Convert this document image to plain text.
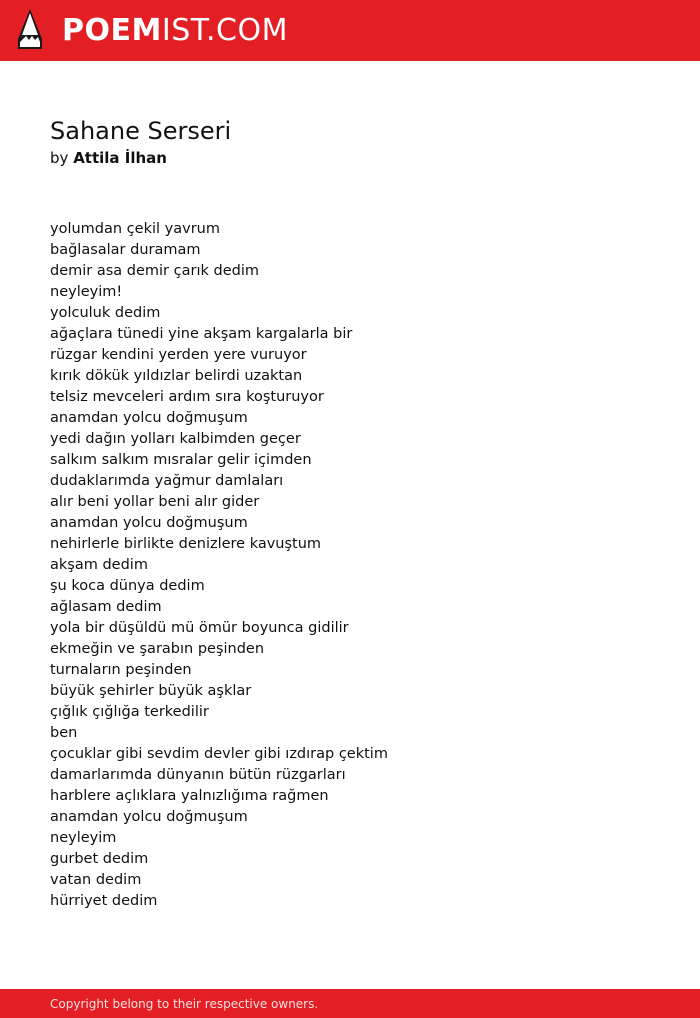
POEMIST.COM
Sahane Serseri
by Attila İlhan
yolumdan çekil yavrum
bağlasalar duramam
demir asa demir çarık dedim
neyleyim!
yolculuk dedim
ağaçlara tünedi yine akşam kargalarla bir
rüzgar kendini yerden yere vuruyor
kırık dökük yıldızlar belirdi uzaktan
telsiz mevceleri ardım sıra koşturuyor
anamdan yolcu doğmuşum
yedi dağın yolları kalbimden geçer
salkım salkım mısralar gelir içimden
dudaklarımda yağmur damlaları
alır beni yollar beni alır gider
anamdan yolcu doğmuşum
nehirlerle birlikte denizlere kavuştum
akşam dedim
şu koca dünya dedim
ağlasam dedim
yola bir düşüldü mü ömür boyunca gidilir
ekmeğin ve şarabın peşinden
turnaların peşinden
büyük şehirler büyük aşklar
çığlık çığlığa terkedilir
ben
çocuklar gibi sevdim devler gibi ızdırap çektim
damarlarımda dünyanın bütün rüzgarları
harblere açlıklara yalnızlığıma rağmen
anamdan yolcu doğmuşum
neyleyim
gurbet dedim
vatan dedim
hürriyet dedim
Copyright belong to their respective owners.
